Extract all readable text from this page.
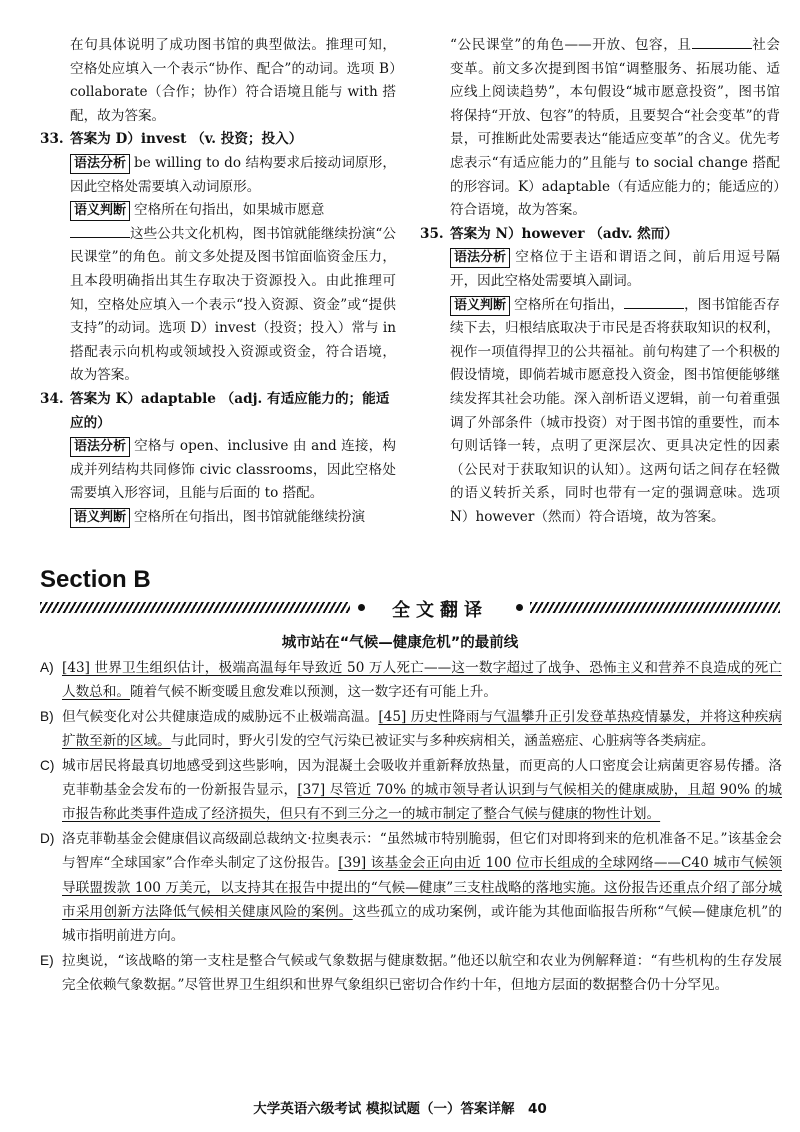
在句具体说明了成功图书馆的典型做法。推理可知，空格处应填入一个表示“协作、配合”的动词。选项 B）collaborate（合作；协作）符合语境且能与 with 搭配，故为答案。

33. 答案为 D）invest （v. 投资；投入）

语法分析 be willing to do 结构要求后接动词原形，因此空格处需要填入动词原形。

语义判断 空格所在句指出，如果城市愿意
这些公共文化机构，图书馆就能继续扮演“公民课堂”的角色。前文多处提及图书馆面临资金压力，且本段明确指出其生存取决于资源投入。由此推理可知，空格处应填入一个表示“投入资源、资金”或“提供支持”的动词。选项 D）invest（投资；投入）常与 in 搭配表示向机构或领域投入资源或资金，符合语境，故为答案。

34. 答案为 K）adaptable （adj. 有适应能力的；能适应的）

语法分析 空格与 open、inclusive 由 and 连接，构成并列结构共同修饰 civic classrooms，因此空格处需要填入形容词，且能与后面的 to 搭配。

语义判断 空格所在句指出，图书馆就能继续扮演

“公民课堂”的角色——开放、包容，且	社会变革。前文多次提到图书馆“调整服务、拓展功能、适应线上阅读趋势”，本句假设“城市愿意投资”，图书馆将保持“开放、包容”的特质，且要契合“社会变革”的背景，可推断此处需要表达“能适应变革”的含义。优先考虑表示“有适应能力的”且能与 to social change 搭配的形容词。K）adaptable（有适应能力的；能适应的）符合语境，故为答案。

35. 答案为 N）however （adv. 然而）

语法分析 空格位于主语和谓语之间，前后用逗号隔开，因此空格处需要填入副词。

语义判断 空格所在句指出，	，图书馆能否存续下去，归根结底取决于市民是否将获取知识的权利，视作一项值得捍卫的公共福祉。前句构建了一个积极的假设情境，即倘若城市愿意投入资金，图书馆便能够继续发挥其社会功能。深入剖析语义逻辑，前一句着重强调了外部条件（城市投资）对于图书馆的重要性，而本句则话锋一转，点明了更深层次、更具决定性的因素（公民对于获取知识的认知）。这两句话之间存在轻微的语义转折关系，同时也带有一定的强调意味。选项 N）however（然而）符合语境，故为答案。

Section B
全文翻译
城市站在“气候—健康危机”的最前线
A) [43] 世界卫生组织估计，极端高温每年导致近 50 万人死亡——这一数字超过了战争、恐怖主义和营养不良造成的死亡人数总和。随着气候不断变暖且愈发难以预测，这一数字还有可能上升。
B) 但气候变化对公共健康造成的威胁远不止极端高温。[45] 历史性降雨与气温攀升正引发登革热疫情暴发，并将这种疾病扩散至新的区域。与此同时，野火引发的空气污染已被证实与多种疾病相关，涵盖癌症、心脏病等各类病症。
C) 城市居民将最真切地感受到这些影响，因为混凝土会吸收并重新释放热量，而更高的人口密度会让病菌更容易传播。洛克菲勒基金会发布的一份新报告显示，[37] 尽管近 70% 的城市领导者认识到与气候相关的健康威胁，且超 90% 的城市报告称此类事件造成了经济损失，但只有不到三分之一的城市制定了整合气候与健康的物性计划。
D) 洛克菲勒基金会健康倡议高级副总裁纳文·拉奥表示：“虽然城市特别脆弱，但它们对即将到来的危机准备不足。”该基金会与智库“全球国家”合作牵头制定了这份报告。[39] 该基金会正向由近 100 位市长组成的全球网络——C40 城市气候领导联盟拨款 100 万美元，以支持其在报告中提出的“气候—健康”三支柱战略的落地实施。这份报告还重点介绍了部分城市采用创新方法降低气候相关健康风险的案例。这些孤立的成功案例，或许能为其他面临报告所称“气候—健康危机”的城市指明前进方向。
E) 拉奥说，“该战略的第一支柱是整合气候或气象数据与健康数据。”他还以航空和农业为例解释道：“有些机构的生存发展完全依赖气象数据。”尽管世界卫生组织和世界气象组织已密切合作约十年，但地方层面的数据整合仍十分罕见。
大学英语六级考试 模拟试题（一）答案详解　40
